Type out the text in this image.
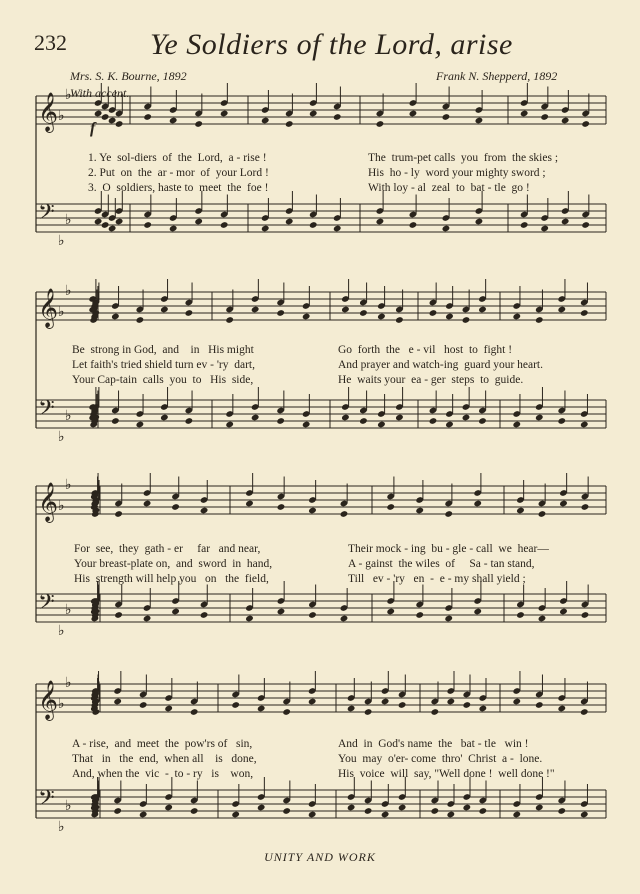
𝄞
𝄢
♭
♭
♭
♭
𝄞
𝄢
♭
♭
♭
♭
𝄞
𝄢
♭
♭
♭
♭
𝄞
𝄢
♭
♭
♭
♭
232	Ye Soldiers of the Lord, arise
Mrs. S. K. Bourne, 1892	Frank N. Shepperd, 1892
With accent.
f
1. Ye  sol-diers  of  the  Lord,  a - rise !	The  trum-pet calls  you  from  the skies ;
2. Put  on  the  ar - mor  of  your Lord !	His  ho - ly  word your mighty sword ;
3.  O  soldiers, haste to  meet  the  foe !	With loy - al  zeal  to  bat - tle  go !
Be  strong in God,  and    in   His might	Go  forth  the   e - vil   host  to  fight !
Let faith's tried shield turn ev - 'ry  dart,	And prayer and watch-ing  guard your heart.
Your Cap-tain  calls  you  to   His  side,	He  waits your  ea - ger  steps  to  guide.
For  see,  they  gath - er     far   and near,	Their mock - ing  bu - gle - call  we  hear—
Your breast-plate on,  and  sword  in  hand,	A - gainst  the wiles  of     Sa - tan stand,
His  strength will help you   on   the  field,	Till   ev - 'ry   en  -  e - my shall yield ;
A - rise,  and  meet  the  pow'rs of   sin,	And  in  God's name  the   bat - tle   win !
That   in   the  end,  when all    is   done,	You  may  o'er- come  thro'  Christ  a -  lone.
And, when the  vic  -  to - ry   is    won,	His  voice  will  say, "Well done !  well done !"
UNITY AND WORK
